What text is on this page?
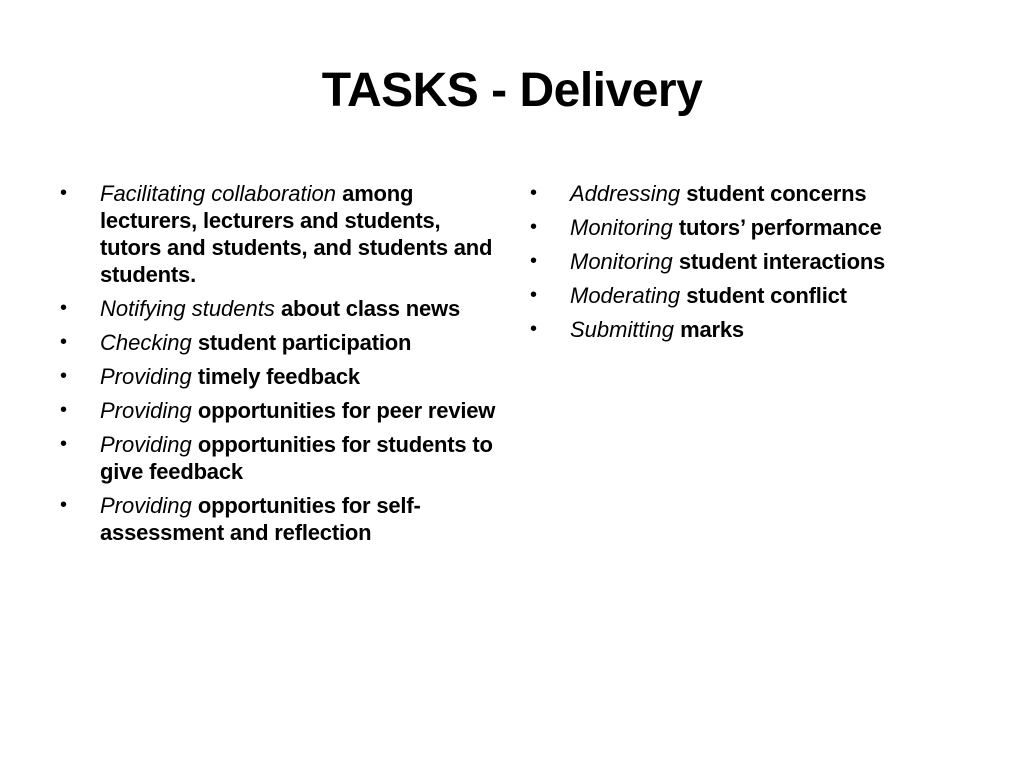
TASKS - Delivery
• Facilitating collaboration among lecturers, lecturers and students, tutors and students, and students and students.
• Notifying students about class news
• Checking student participation
• Providing timely feedback
• Providing opportunities for peer review
• Providing opportunities for students to give feedback
• Providing opportunities for self-assessment and reflection
• Addressing student concerns
• Monitoring tutors’ performance
• Monitoring student interactions
• Moderating student conflict
• Submitting marks
